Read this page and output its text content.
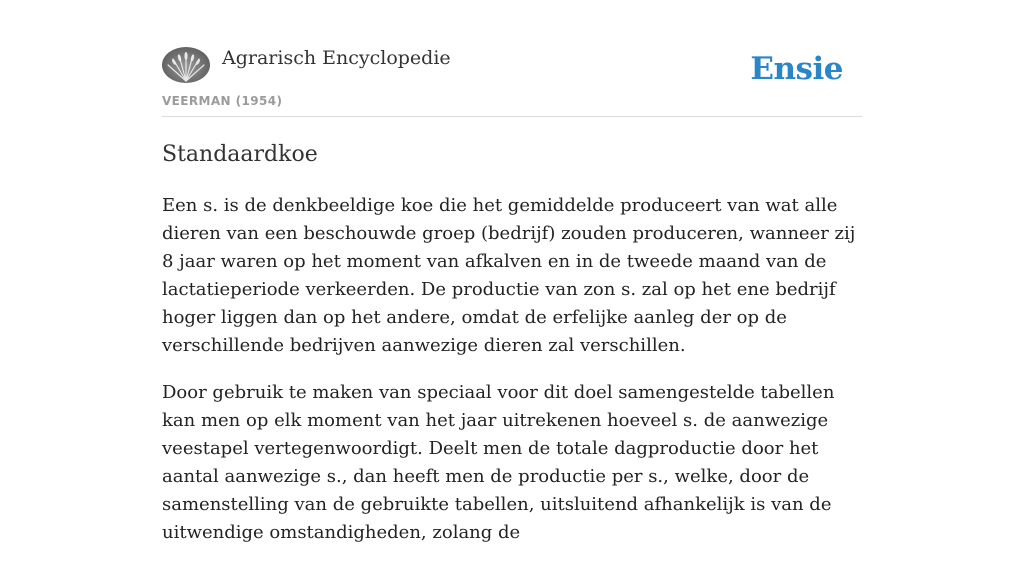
Agrarisch Encyclopedie	Ensie
VEERMAN (1954)
Standaardkoe

Een s. is de denkbeeldige koe die het gemiddelde produceert van wat alle dieren van een beschouwde groep (bedrijf) zouden produceren, wanneer zij 8 jaar waren op het moment van afkalven en in de tweede maand van de lactatieperiode verkeerden. De productie van zon s. zal op het ene bedrijf hoger liggen dan op het andere, omdat de erfelijke aanleg der op de verschillende bedrijven aanwezige dieren zal verschillen.

Door gebruik te maken van speciaal voor dit doel samengestelde tabellen kan men op elk moment van het jaar uitrekenen hoeveel s. de aanwezige veestapel vertegenwoordigt. Deelt men de totale dagproductie door het aantal aanwezige s., dan heeft men de productie per s., welke, door de samenstelling van de gebruikte tabellen, uitsluitend afhankelijk is van de uitwendige omstandigheden, zolang de
